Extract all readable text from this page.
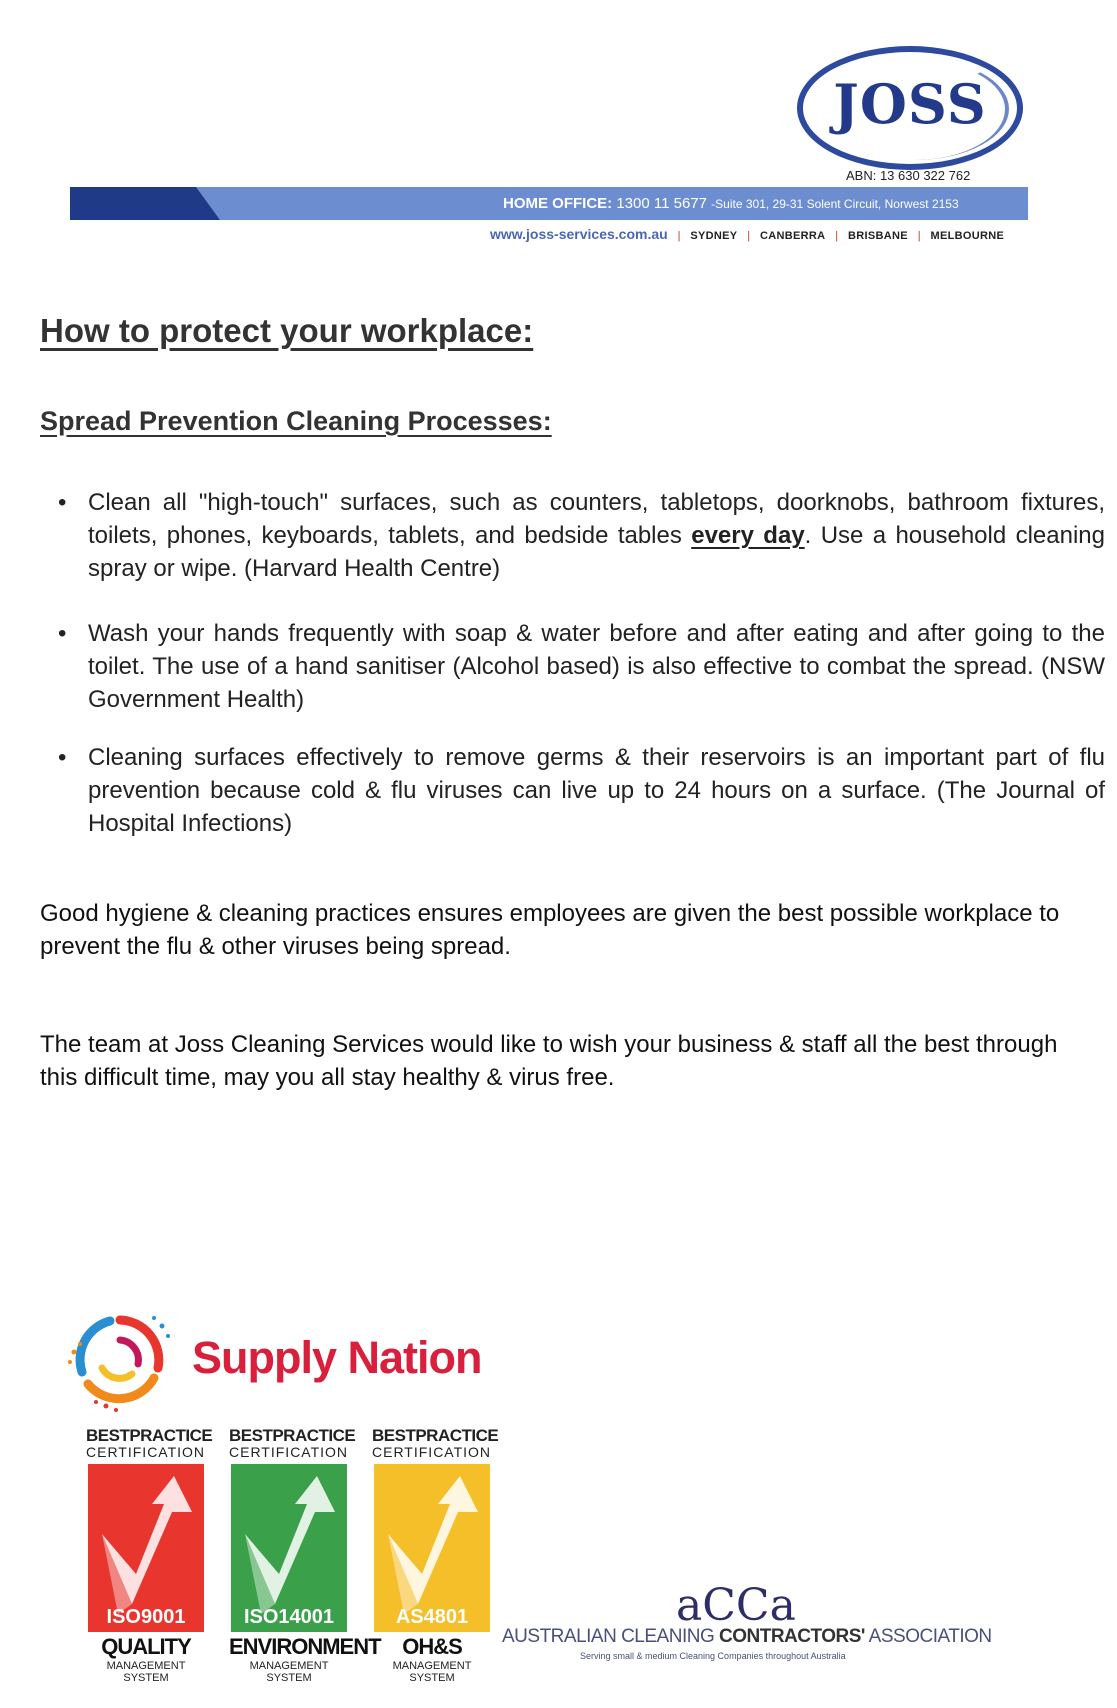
JOSS
ABN: 13 630 322 762
HOME OFFICE: 1300 11 5677 -Suite 301, 29-31 Solent Circuit, Norwest 2153
www.joss-services.com.au | SYDNEY | CANBERRA | BRISBANE | MELBOURNE
How to protect your workplace:
Spread Prevention Cleaning Processes:
• Clean all "high-touch" surfaces, such as counters, tabletops, doorknobs, bathroom fixtures, toilets, phones, keyboards, tablets, and bedside tables every day. Use a household cleaning spray or wipe. (Harvard Health Centre)
• Wash your hands frequently with soap & water before and after eating and after going to the toilet. The use of a hand sanitiser (Alcohol based) is also effective to combat the spread. (NSW Government Health)
• Cleaning surfaces effectively to remove germs & their reservoirs is an important part of flu prevention because cold & flu viruses can live up to 24 hours on a surface. (The Journal of Hospital Infections)
Good hygiene & cleaning practices ensures employees are given the best possible workplace to prevent the flu & other viruses being spread.
The team at Joss Cleaning Services would like to wish your business & staff all the best through this difficult time, may you all stay healthy & virus free.
Supply Nation
BESTPRACTICE
CERTIFICATION
ISO9001
QUALITY
MANAGEMENT SYSTEM
BESTPRACTICE
CERTIFICATION
ISO14001
ENVIRONMENT
MANAGEMENT SYSTEM
BESTPRACTICE
CERTIFICATION
AS4801
OH&S
MANAGEMENT SYSTEM
aCCa
AUSTRALIAN CLEANING CONTRACTORS' ASSOCIATION
Serving small & medium Cleaning Companies throughout Australia
